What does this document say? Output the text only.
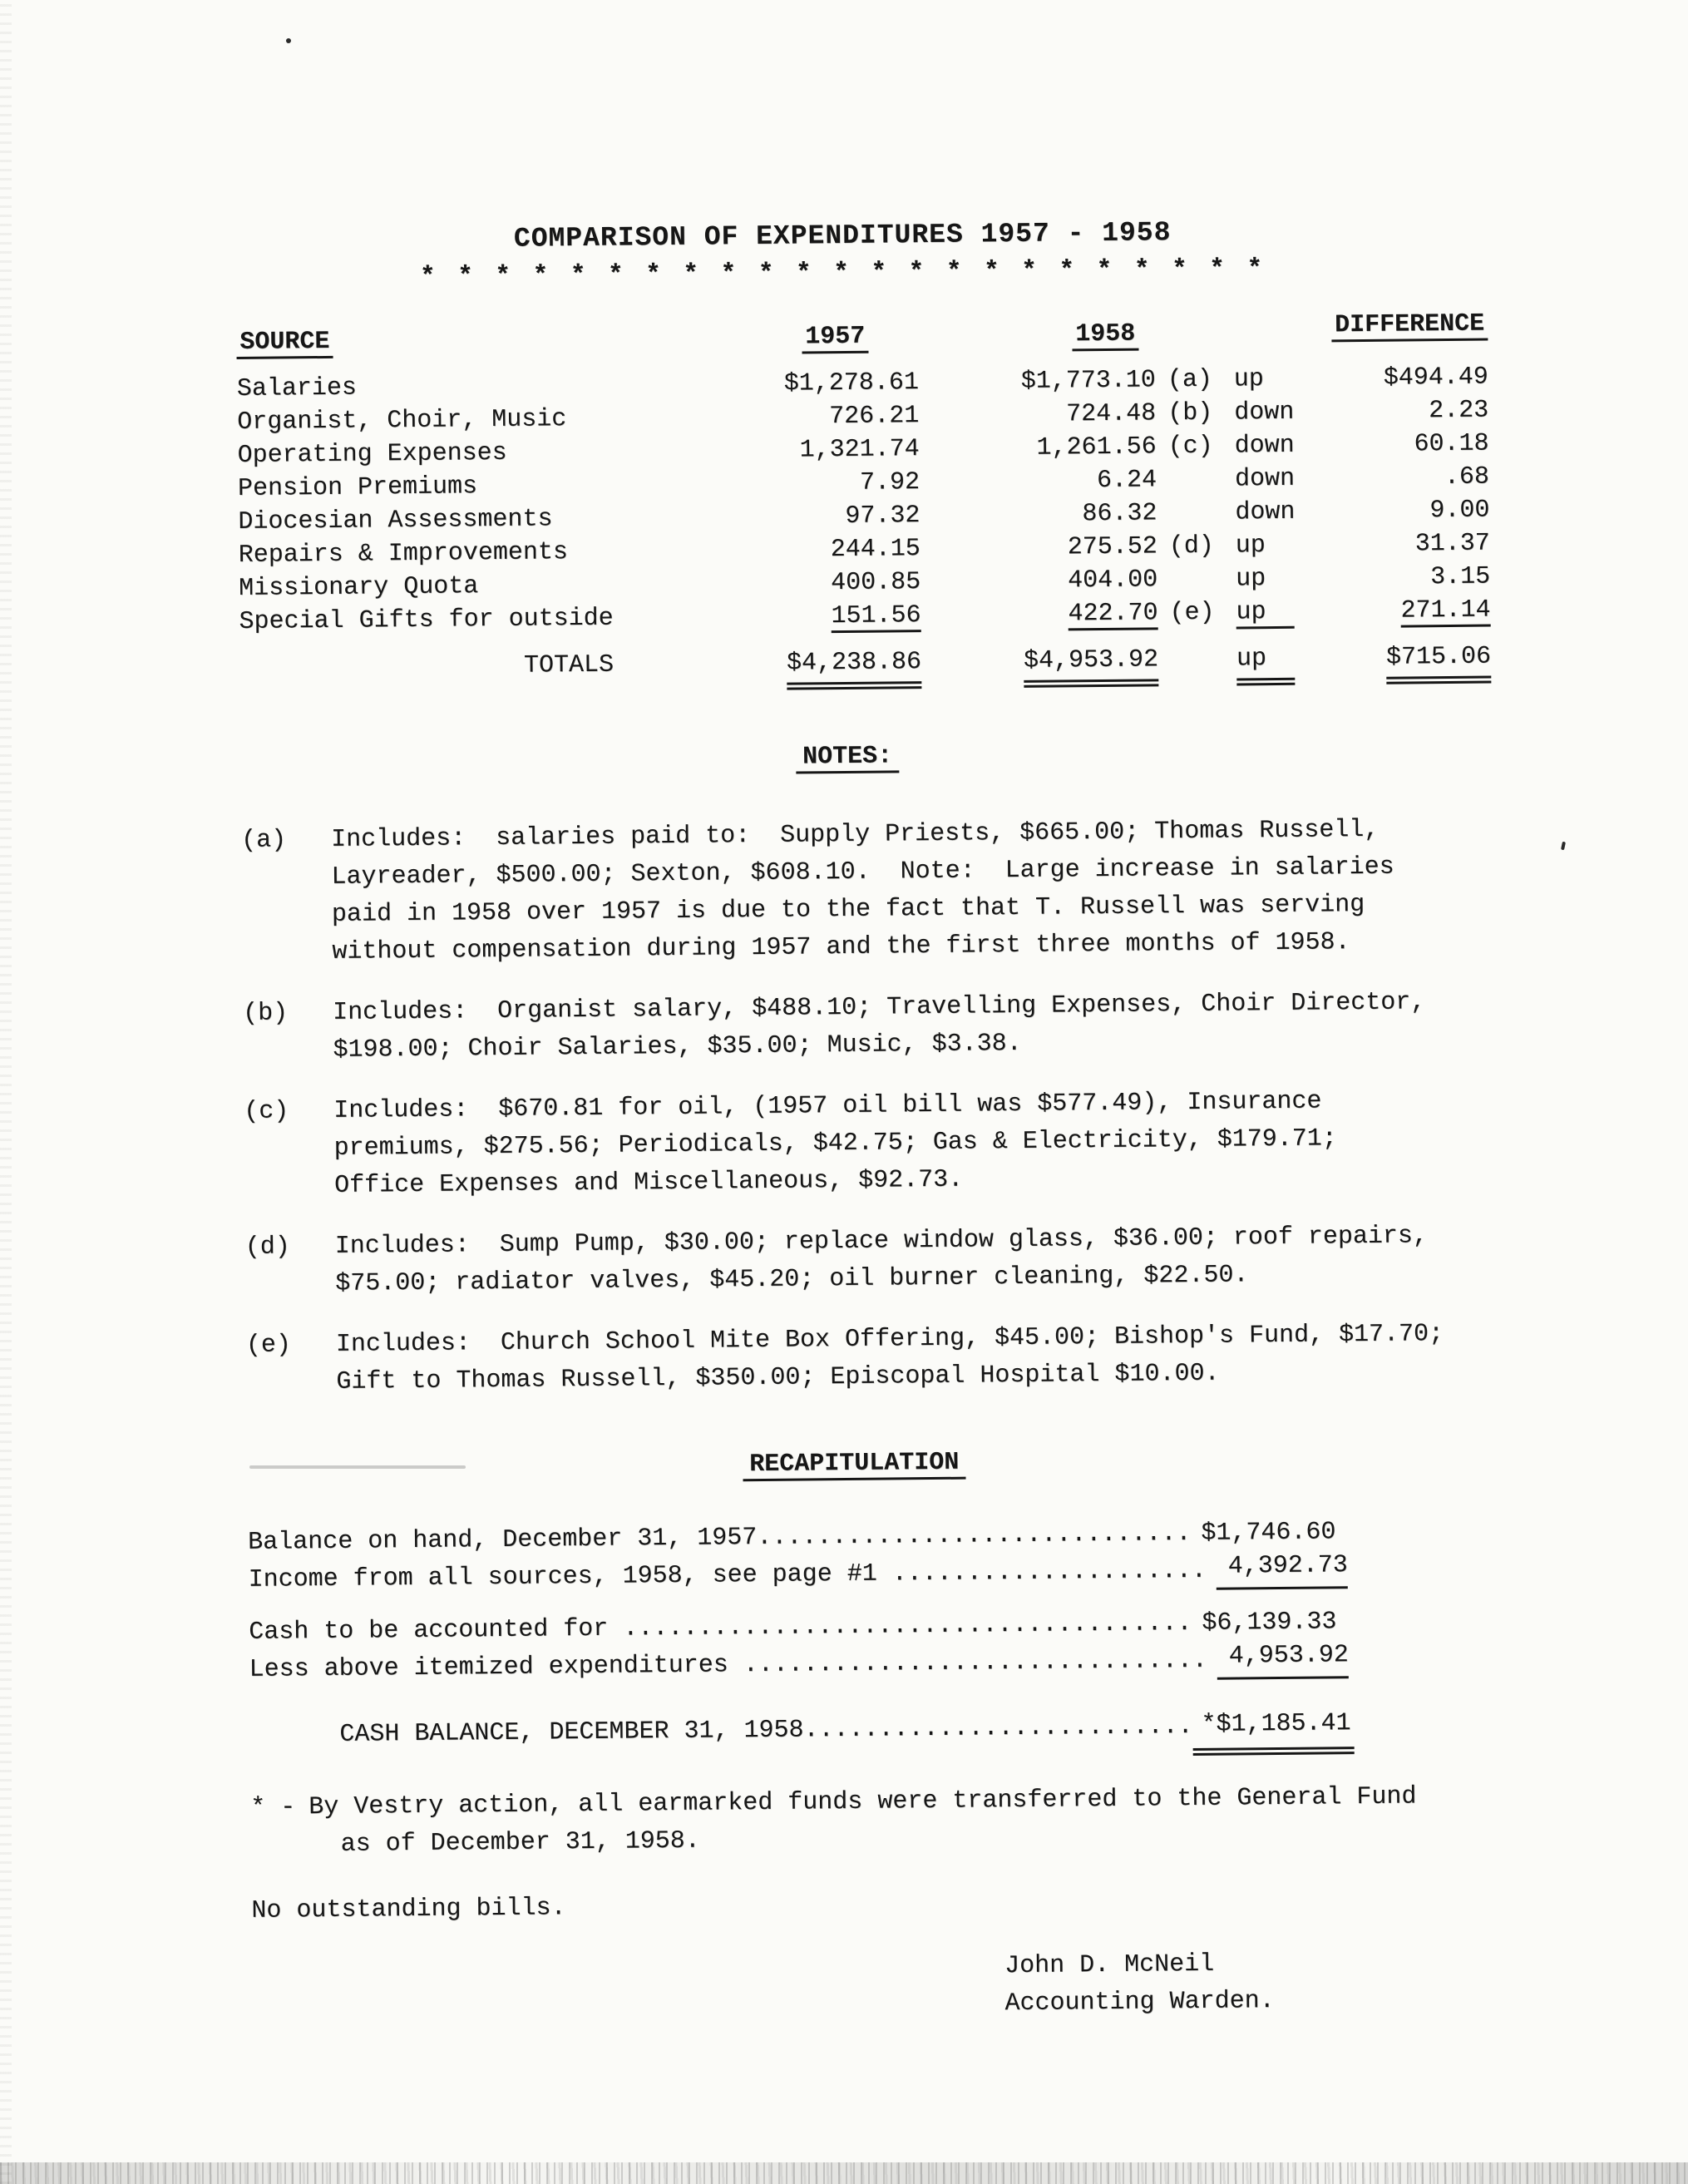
COMPARISON OF EXPENDITURES 1957 - 1958
* * * * * * * * * * * * * * * * * * * * * * *
SOURCE	1957	1958	DIFFERENCE
Salaries	$1,278.61	$1,773.10 (a) up	$494.49
Organist, Choir, Music	726.21	724.48 (b) down	2.23
Operating Expenses	1,321.74	1,261.56 (c) down	60.18
Pension Premiums	7.92	6.24	down	.68
Diocesian Assessments	97.32	86.32	down	9.00
Repairs & Improvements	244.15	275.52 (d) up	31.37
Missionary Quota	400.85	404.00	up	3.15
Special Gifts for outside	151.56	422.70 (e) up	271.14
TOTALS	$4,238.86	$4,953.92	up	$715.06
NOTES:
(a) Includes:  salaries paid to:  Supply Priests, $665.00; Thomas Russell,
Layreader, $500.00; Sexton, $608.10.  Note:  Large increase in salaries
paid in 1958 over 1957 is due to the fact that T. Russell was serving
without compensation during 1957 and the first three months of 1958.
(b) Includes:  Organist salary, $488.10; Travelling Expenses, Choir Director,
$198.00; Choir Salaries, $35.00; Music, $3.38.
(c) Includes:  $670.81 for oil, (1957 oil bill was $577.49), Insurance
premiums, $275.56; Periodicals, $42.75; Gas & Electricity, $179.71;
Office Expenses and Miscellaneous, $92.73.
(d) Includes:  Sump Pump, $30.00; replace window glass, $36.00; roof repairs,
$75.00; radiator valves, $45.20; oil burner cleaning, $22.50.
(e) Includes:  Church School Mite Box Offering, $45.00; Bishop's Fund, $17.70;
Gift to Thomas Russell, $350.00; Episcopal Hospital $10.00.
RECAPITULATION
Balance on hand, December 31, 1957 ............................. $1,746.60
Income from all sources, 1958, see page #1 ..................... 4,392.73
Cash to be accounted for ...................................... $6,139.33
Less above itemized expenditures ............................... 4,953.92
CASH BALANCE, DECEMBER 31, 1958 .......................... *$1,185.41
* - By Vestry action, all earmarked funds were transferred to the General Fund
as of December 31, 1958.
No outstanding bills.
John D. McNeil
Accounting Warden.
